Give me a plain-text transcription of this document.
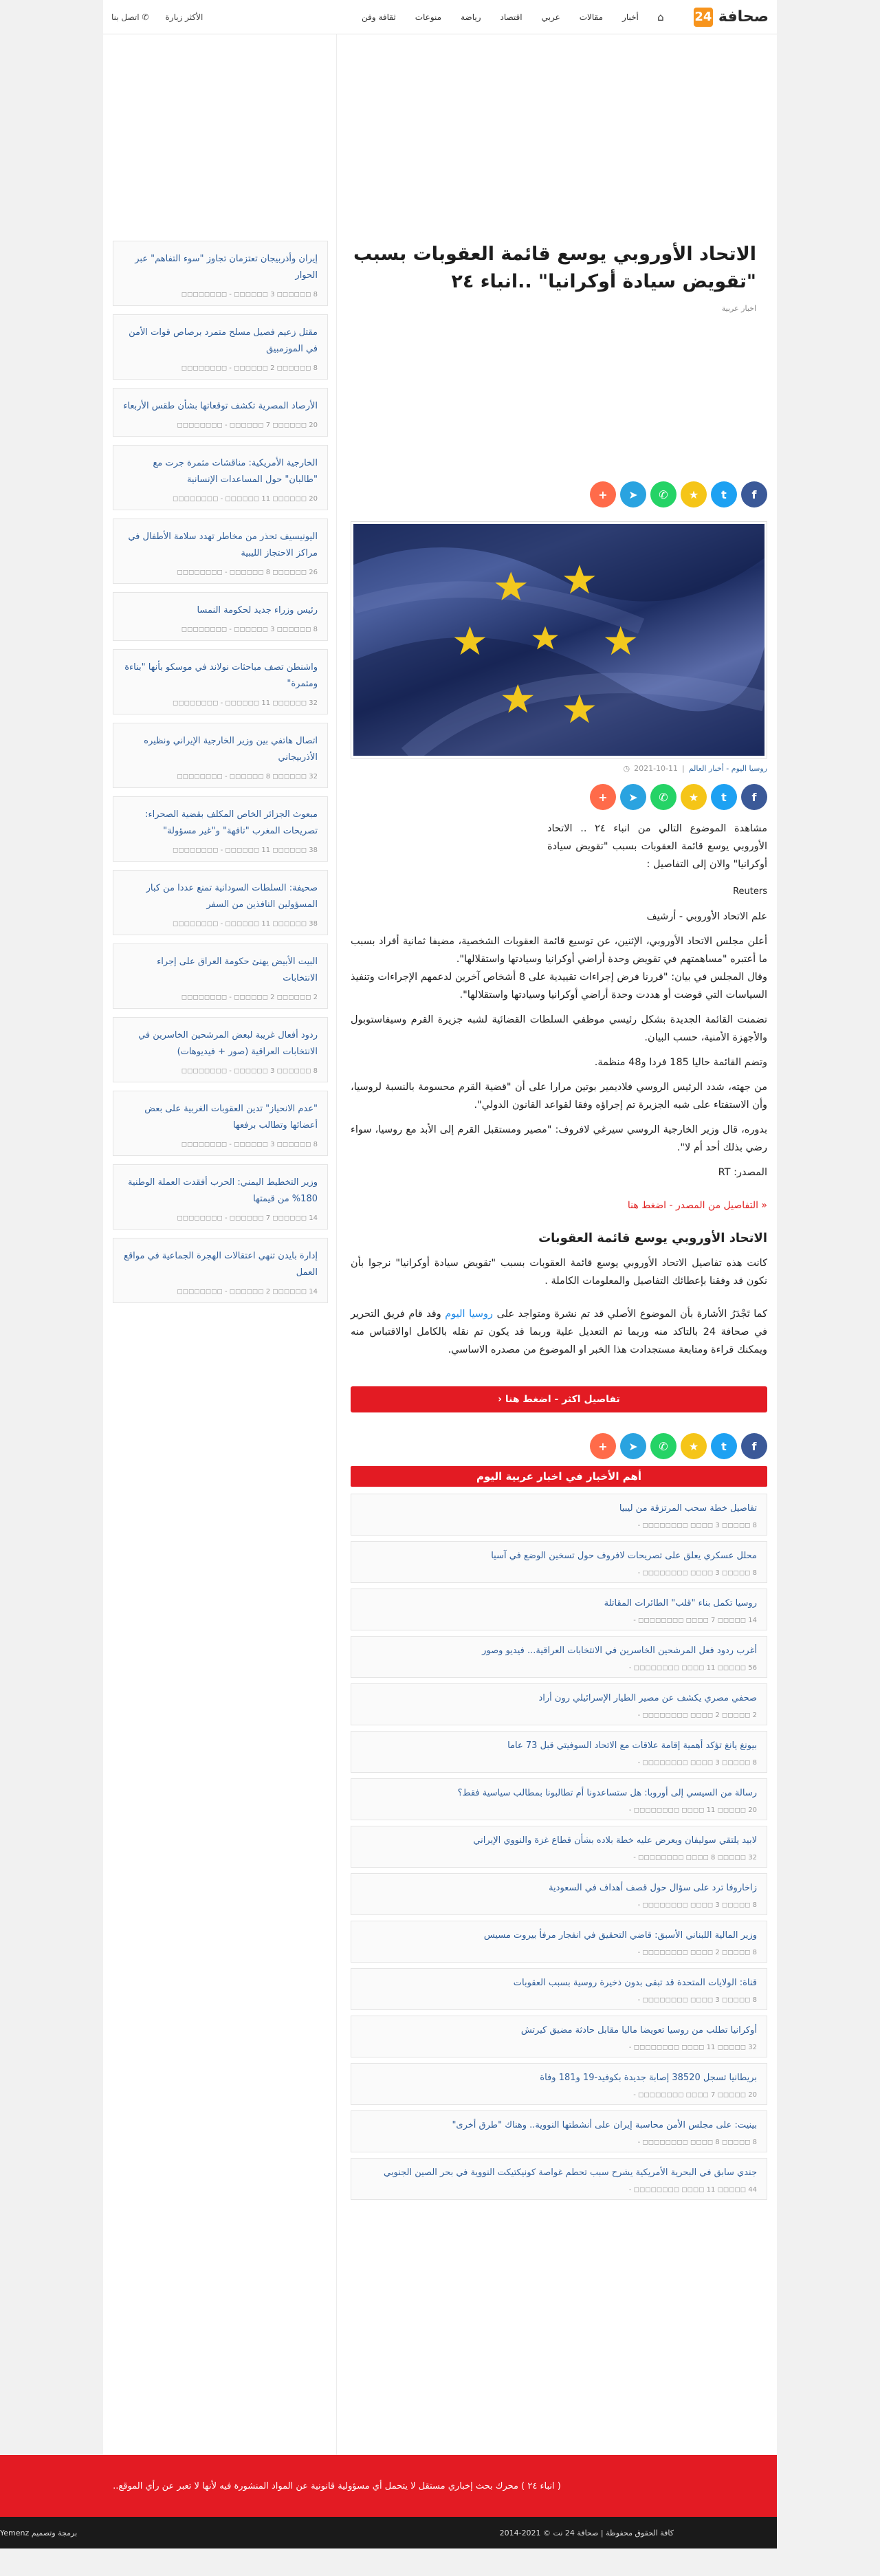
صحافة
24
⌂
أخبار
مقالات
عربي
اقتصاد
رياضة
منوعات
ثقافة وفن
الأكثر زيارة
✆ اتصل بنا
الاتحاد الأوروبي يوسع قائمة العقوبات بسبب "تقويض سيادة أوكرانيا" ..انباء ٢٤
اخبار عربية
+	➤	✆	★	t	f
◷ 2021-10-11 | روسيا اليوم - أخبار العالم
+	➤	✆	★	t	f

مشاهدة الموضوع التالي من انباء ٢٤ .. الاتحاد الأوروبي يوسع قائمة العقوبات بسبب "تقويض سيادة أوكرانيا" والان إلى التفاصيل :

Reuters

علم الاتحاد الأوروبي - أرشيف

أعلن مجلس الاتحاد الأوروبي، الإثنين، عن توسيع قائمة العقوبات الشخصية، مضيفا ثمانية أفراد بسبب ما أعتبره "مساهمتهم في تقويض وحدة أراضي أوكرانيا وسيادتها واستقلالها".

وقال المجلس في بيان: "قررنا فرض إجراءات تقييدية على 8 أشخاص آخرين لدعمهم الإجراءات وتنفيذ السياسات التي قوضت أو هددت وحدة أراضي أوكرانيا وسيادتها واستقلالها".

تضمنت القائمة الجديدة بشكل رئيسي موظفي السلطات القضائية لشبه جزيرة القرم وسيفاستوبول والأجهزة الأمنية، حسب البيان.

وتضم القائمة حاليا 185 فردا و48 منظمة.

من جهته، شدد الرئيس الروسي فلاديمير بوتين مرارا على أن "قضية القرم محسومة بالنسبة لروسيا، وأن الاستفتاء على شبه الجزيرة تم إجراؤه وفقا لقواعد القانون الدولي".

بدوره، قال وزير الخارجية الروسي سيرغي لافروف: "مصير ومستقبل القرم إلى الأبد مع روسيا، سواء رضي بذلك أحد أم لا".

المصدر: RT

« التفاصيل من المصدر - اضغط هنا
الاتحاد الأوروبي يوسع قائمة العقوبات

كانت هذه تفاصيل الاتحاد الأوروبي يوسع قائمة العقوبات بسبب "تقويض سيادة أوكرانيا" نرجوا بأن نكون قد وفقنا بإعطائك التفاصيل والمعلومات الكاملة .

كما تَجْدَرُ الأشارة بأن الموضوع الأصلي قد تم نشرة ومتواجد على روسيا اليوم وقد قام فريق التحرير في صحافة 24 بالتاكد منه وربما تم التعديل علية وربما قد يكون تم نقله بالكامل اوالاقتباس منه ويمكنك قراءة ومتابعة مستجدادت هذا الخبر او الموضوع من مصدره الاساسي.

تفاصيل اكثر - اضغط هنا ‹
+	➤	✆	★	t	f
أهم الأخبار في اخبار عربية اليوم
تفاصيل خطة سحب المرتزقة من ليبيا
8 ◻◻◻◻◻ 3 ◻◻◻◻ ◻◻◻◻◻◻◻◻ -
محلل عسكري يعلق على تصريحات لافروف حول تسخين الوضع في آسيا
8 ◻◻◻◻◻ 3 ◻◻◻◻ ◻◻◻◻◻◻◻◻ -
روسيا تكمل بناء "قلب" الطائرات المقاتلة
14 ◻◻◻◻◻ 7 ◻◻◻◻ ◻◻◻◻◻◻◻◻ -
أغرب ردود فعل المرشحين الخاسرين في الانتخابات العراقية... فيديو وصور
56 ◻◻◻◻◻ 11 ◻◻◻◻ ◻◻◻◻◻◻◻◻ -
صحفي مصري يكشف عن مصير الطيار الإسرائيلي رون أراد
2 ◻◻◻◻◻ 2 ◻◻◻◻ ◻◻◻◻◻◻◻◻ -
بيونغ يانغ تؤكد أهمية إقامة علاقات مع الاتحاد السوفيتي قبل 73 عاما
8 ◻◻◻◻◻ 3 ◻◻◻◻ ◻◻◻◻◻◻◻◻ -
رسالة من السيسي إلى أوروبا: هل ستساعدونا أم تطالبونا بمطالب سياسية فقط؟
20 ◻◻◻◻◻ 11 ◻◻◻◻ ◻◻◻◻◻◻◻◻ -
لابيد يلتقي سوليفان ويعرض عليه خطة بلاده بشأن قطاع غزة والنووي الإيراني
32 ◻◻◻◻◻ 8 ◻◻◻◻ ◻◻◻◻◻◻◻◻ -
زاخاروفا ترد على سؤال حول قصف أهداف في السعودية
8 ◻◻◻◻◻ 3 ◻◻◻◻ ◻◻◻◻◻◻◻◻ -
وزير المالية اللبناني الأسبق: قاضي التحقيق في انفجار مرفأ بيروت مسيس
8 ◻◻◻◻◻ 2 ◻◻◻◻ ◻◻◻◻◻◻◻◻ -
قناة: الولايات المتحدة قد تبقى بدون ذخيرة روسية بسبب العقوبات
8 ◻◻◻◻◻ 3 ◻◻◻◻ ◻◻◻◻◻◻◻◻ -
أوكرانيا تطلب من روسيا تعويضا ماليا مقابل حادثة مضيق كيرتش
32 ◻◻◻◻◻ 11 ◻◻◻◻ ◻◻◻◻◻◻◻◻ -
بريطانيا تسجل 38520 إصابة جديدة بكوفيد-19 و181 وفاة
20 ◻◻◻◻◻ 7 ◻◻◻◻ ◻◻◻◻◻◻◻◻ -
بينيت: على مجلس الأمن محاسبة إيران على أنشطتها النووية.. وهناك "طرق أخرى"
8 ◻◻◻◻◻ 8 ◻◻◻◻ ◻◻◻◻◻◻◻◻ -
جندي سابق في البحرية الأمريكية يشرح سبب تحطم غواصة كونيكتيكت النووية في بحر الصين الجنوبي
44 ◻◻◻◻◻ 11 ◻◻◻◻ ◻◻◻◻◻◻◻◻ -
إيران وأذربيجان تعتزمان تجاوز "سوء التفاهم" عبر الحوار
8 ◻◻◻◻◻◻ 3 ◻◻◻◻◻◻ - ◻◻◻◻◻◻◻◻
مقتل زعيم فصيل مسلح متمرد برصاص قوات الأمن في الموزمبيق
8 ◻◻◻◻◻◻ 2 ◻◻◻◻◻◻ - ◻◻◻◻◻◻◻◻
الأرصاد المصرية تكشف توقعاتها بشأن طقس الأربعاء
20 ◻◻◻◻◻◻ 7 ◻◻◻◻◻◻ - ◻◻◻◻◻◻◻◻
الخارجية الأمريكية: مناقشات مثمرة جرت مع "طالبان" حول المساعدات الإنسانية
20 ◻◻◻◻◻◻ 11 ◻◻◻◻◻◻ - ◻◻◻◻◻◻◻◻
اليونيسيف تحذر من مخاطر تهدد سلامة الأطفال في مراكز الاحتجاز الليبية
26 ◻◻◻◻◻◻ 8 ◻◻◻◻◻◻ - ◻◻◻◻◻◻◻◻
رئيس وزراء جديد لحكومة النمسا
8 ◻◻◻◻◻◻ 3 ◻◻◻◻◻◻ - ◻◻◻◻◻◻◻◻
واشنطن تصف مباحثات نولاند في موسكو بأنها "بناءة ومثمرة"
32 ◻◻◻◻◻◻ 11 ◻◻◻◻◻◻ - ◻◻◻◻◻◻◻◻
اتصال هاتفي بين وزير الخارجية الإيراني ونظيره الأذربيجاني
32 ◻◻◻◻◻◻ 8 ◻◻◻◻◻◻ - ◻◻◻◻◻◻◻◻
مبعوث الجزائر الخاص المكلف بقضية الصحراء: تصريحات المغرب "تافهة" و"غير مسؤولة"
38 ◻◻◻◻◻◻ 11 ◻◻◻◻◻◻ - ◻◻◻◻◻◻◻◻
صحيفة: السلطات السودانية تمنع عددا من كبار المسؤولين النافذين من السفر
38 ◻◻◻◻◻◻ 11 ◻◻◻◻◻◻ - ◻◻◻◻◻◻◻◻
البيت الأبيض يهنئ حكومة العراق على إجراء الانتخابات
2 ◻◻◻◻◻◻ 2 ◻◻◻◻◻◻ - ◻◻◻◻◻◻◻◻
ردود أفعال غريبة لبعض المرشحين الخاسرين في الانتخابات العراقية (صور + فيديوهات)
8 ◻◻◻◻◻◻ 3 ◻◻◻◻◻◻ - ◻◻◻◻◻◻◻◻
"عدم الانحياز" تدين العقوبات الغربية على بعض أعضائها وتطالب برفعها
8 ◻◻◻◻◻◻ 3 ◻◻◻◻◻◻ - ◻◻◻◻◻◻◻◻
وزير التخطيط اليمني: الحرب أفقدت العملة الوطنية 180% من قيمتها
14 ◻◻◻◻◻◻ 7 ◻◻◻◻◻◻ - ◻◻◻◻◻◻◻◻
إدارة بايدن تنهي اعتقالات الهجرة الجماعية في مواقع العمل
14 ◻◻◻◻◻◻ 2 ◻◻◻◻◻◻ - ◻◻◻◻◻◻◻◻
( انباء ٢٤ ) محرك بحث إخباري مستقل لا يتحمل أي مسؤولية قانونية عن المواد المنشورة فيه لأنها لا تعبر عن رأي الموقع..
كافة الحقوق محفوظة | صحافة 24 نت © 2021-2014
برمجة وتصميم Yemenz
